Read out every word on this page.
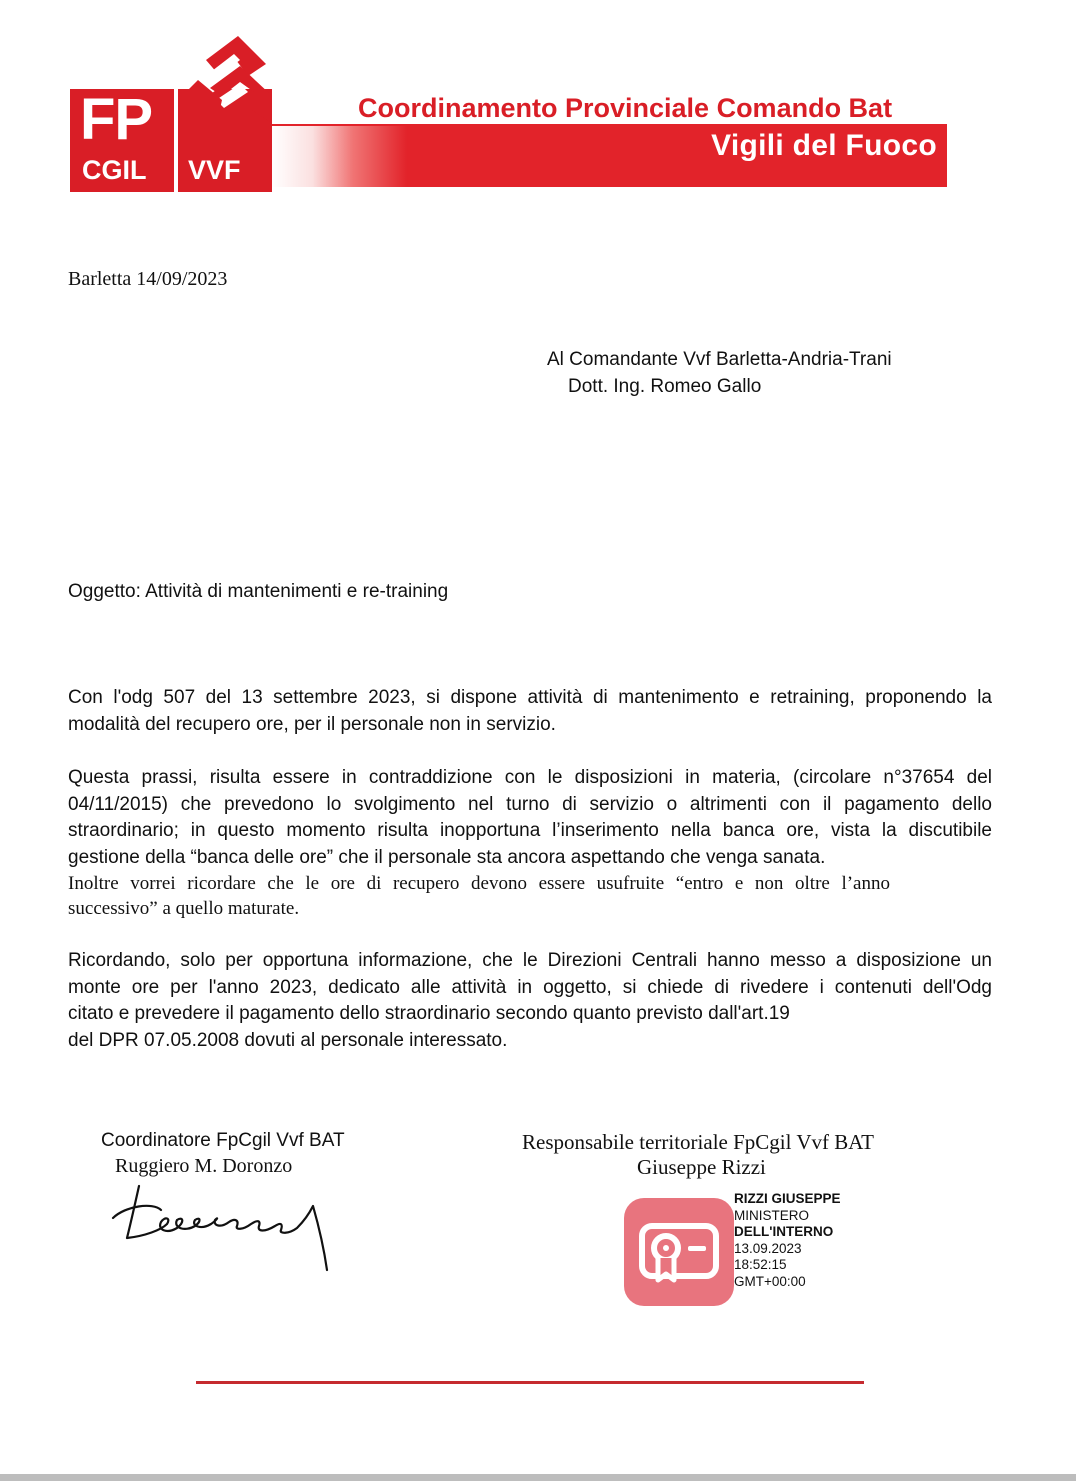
FP
CGIL VVF
Coordinamento Provinciale Comando Bat
Vigili del Fuoco
Barletta 14/09/2023
Al Comandante Vvf Barletta-Andria-Trani
Dott. Ing. Romeo Gallo
Oggetto: Attività di mantenimenti e re-training
Con l'odg 507 del 13 settembre 2023, si dispone attività di mantenimento e retraining, proponendo la
modalità del recupero ore, per il personale non in servizio.
Questa prassi, risulta essere in contraddizione con le disposizioni in materia, (circolare n°37654 del
04/11/2015) che prevedono lo svolgimento nel turno di servizio o altrimenti con il pagamento dello
straordinario; in questo momento risulta inopportuna l’inserimento nella banca ore, vista la discutibile
gestione della “banca delle ore” che il personale sta ancora aspettando che venga sanata.
Inoltre vorrei ricordare che le ore di recupero devono essere usufruite “entro e non oltre l’anno
successivo” a quello maturate.
Ricordando, solo per opportuna informazione, che le Direzioni Centrali hanno messo a disposizione un
monte ore per l'anno 2023, dedicato alle attività in oggetto, si chiede di rivedere i contenuti dell'Odg
citato e prevedere il pagamento dello straordinario secondo quanto previsto dall'art.19
del DPR 07.05.2008 dovuti al personale interessato.
Coordinatore FpCgil Vvf BAT
Ruggiero M. Doronzo
Responsabile territoriale FpCgil Vvf BAT
Giuseppe Rizzi
RIZZI GIUSEPPE
MINISTERO
DELL'INTERNO
13.09.2023
18:52:15
GMT+00:00
